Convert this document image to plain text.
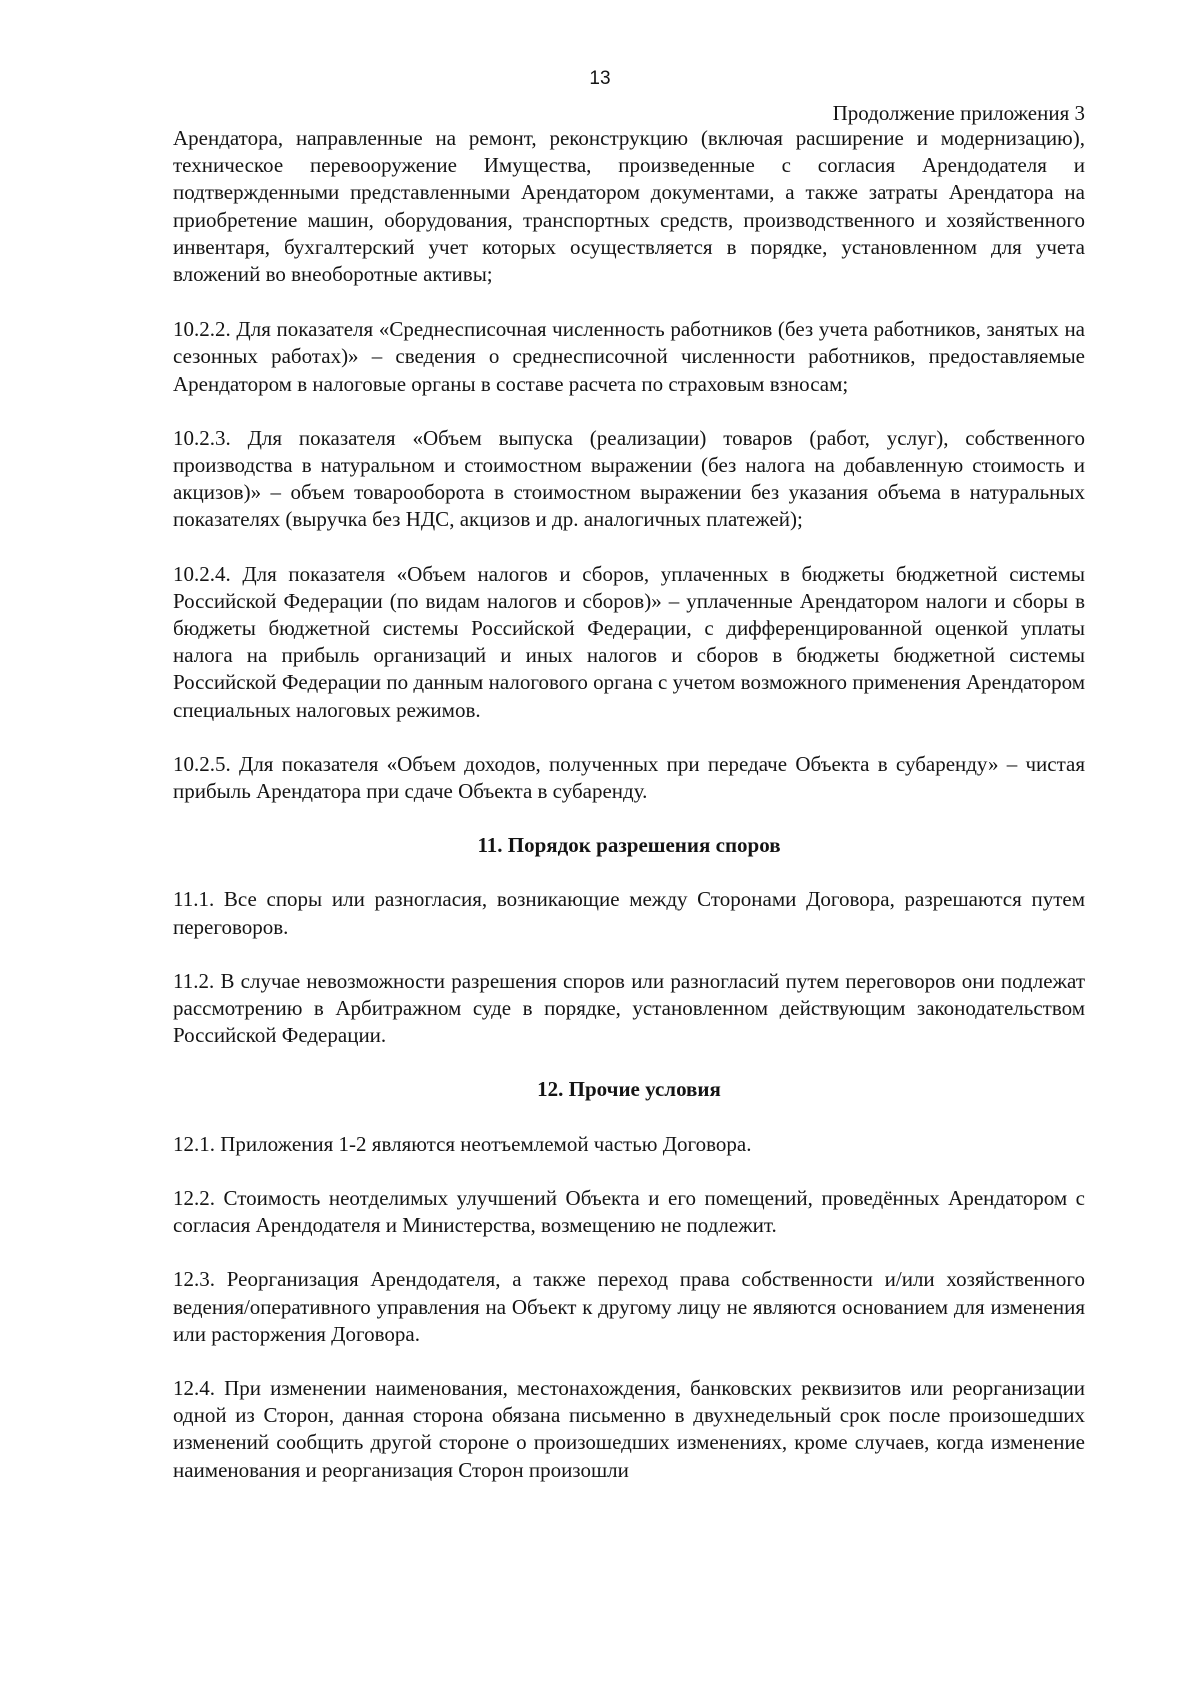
13
Продолжение приложения 3

Арендатора, направленные на ремонт, реконструкцию (включая расширение и модернизацию), техническое перевооружение Имущества, произведенные с согласия Арендодателя и подтвержденными представленными Арендатором документами, а также затраты Арендатора на приобретение машин, оборудования, транспортных средств, производственного и хозяйственного инвентаря, бухгалтерский учет которых осуществляется в порядке, установленном для учета вложений во внеоборотные активы;

10.2.2. Для показателя «Среднесписочная численность работников (без учета работников, занятых на сезонных работах)» – сведения о среднесписочной численности работников, предоставляемые Арендатором в налоговые органы в составе расчета по страховым взносам;

10.2.3. Для показателя «Объем выпуска (реализации) товаров (работ, услуг), собственного производства в натуральном и стоимостном выражении (без налога на добавленную стоимость и акцизов)» – объем товарооборота в стоимостном выражении без указания объема в натуральных показателях (выручка без НДС, акцизов и др. аналогичных платежей);

10.2.4. Для показателя «Объем налогов и сборов, уплаченных в бюджеты бюджетной системы Российской Федерации (по видам налогов и сборов)» – уплаченные Арендатором налоги и сборы в бюджеты бюджетной системы Российской Федерации, с дифференцированной оценкой уплаты налога на прибыль организаций и иных налогов и сборов в бюджеты бюджетной системы Российской Федерации по данным налогового органа с учетом возможного применения Арендатором специальных налоговых режимов.

10.2.5. Для показателя «Объем доходов, полученных при передаче Объекта в субаренду» – чистая прибыль Арендатора при сдаче Объекта в субаренду.

11. Порядок разрешения споров

11.1. Все споры или разногласия, возникающие между Сторонами Договора, разрешаются путем переговоров.

11.2. В случае невозможности разрешения споров или разногласий путем переговоров они подлежат рассмотрению в Арбитражном суде в порядке, установленном действующим законодательством Российской Федерации.

12. Прочие условия

12.1. Приложения 1-2 являются неотъемлемой частью Договора.

12.2. Стоимость неотделимых улучшений Объекта и его помещений, проведённых Арендатором с согласия Арендодателя и Министерства, возмещению не подлежит.

12.3. Реорганизация Арендодателя, а также переход права собственности и/или хозяйственного ведения/оперативного управления на Объект к другому лицу не являются основанием для изменения или расторжения Договора.

12.4. При изменении наименования, местонахождения, банковских реквизитов или реорганизации одной из Сторон, данная сторона обязана письменно в двухнедельный срок после произошедших изменений сообщить другой стороне о произошедших изменениях, кроме случаев, когда изменение наименования и реорганизация Сторон произошли
